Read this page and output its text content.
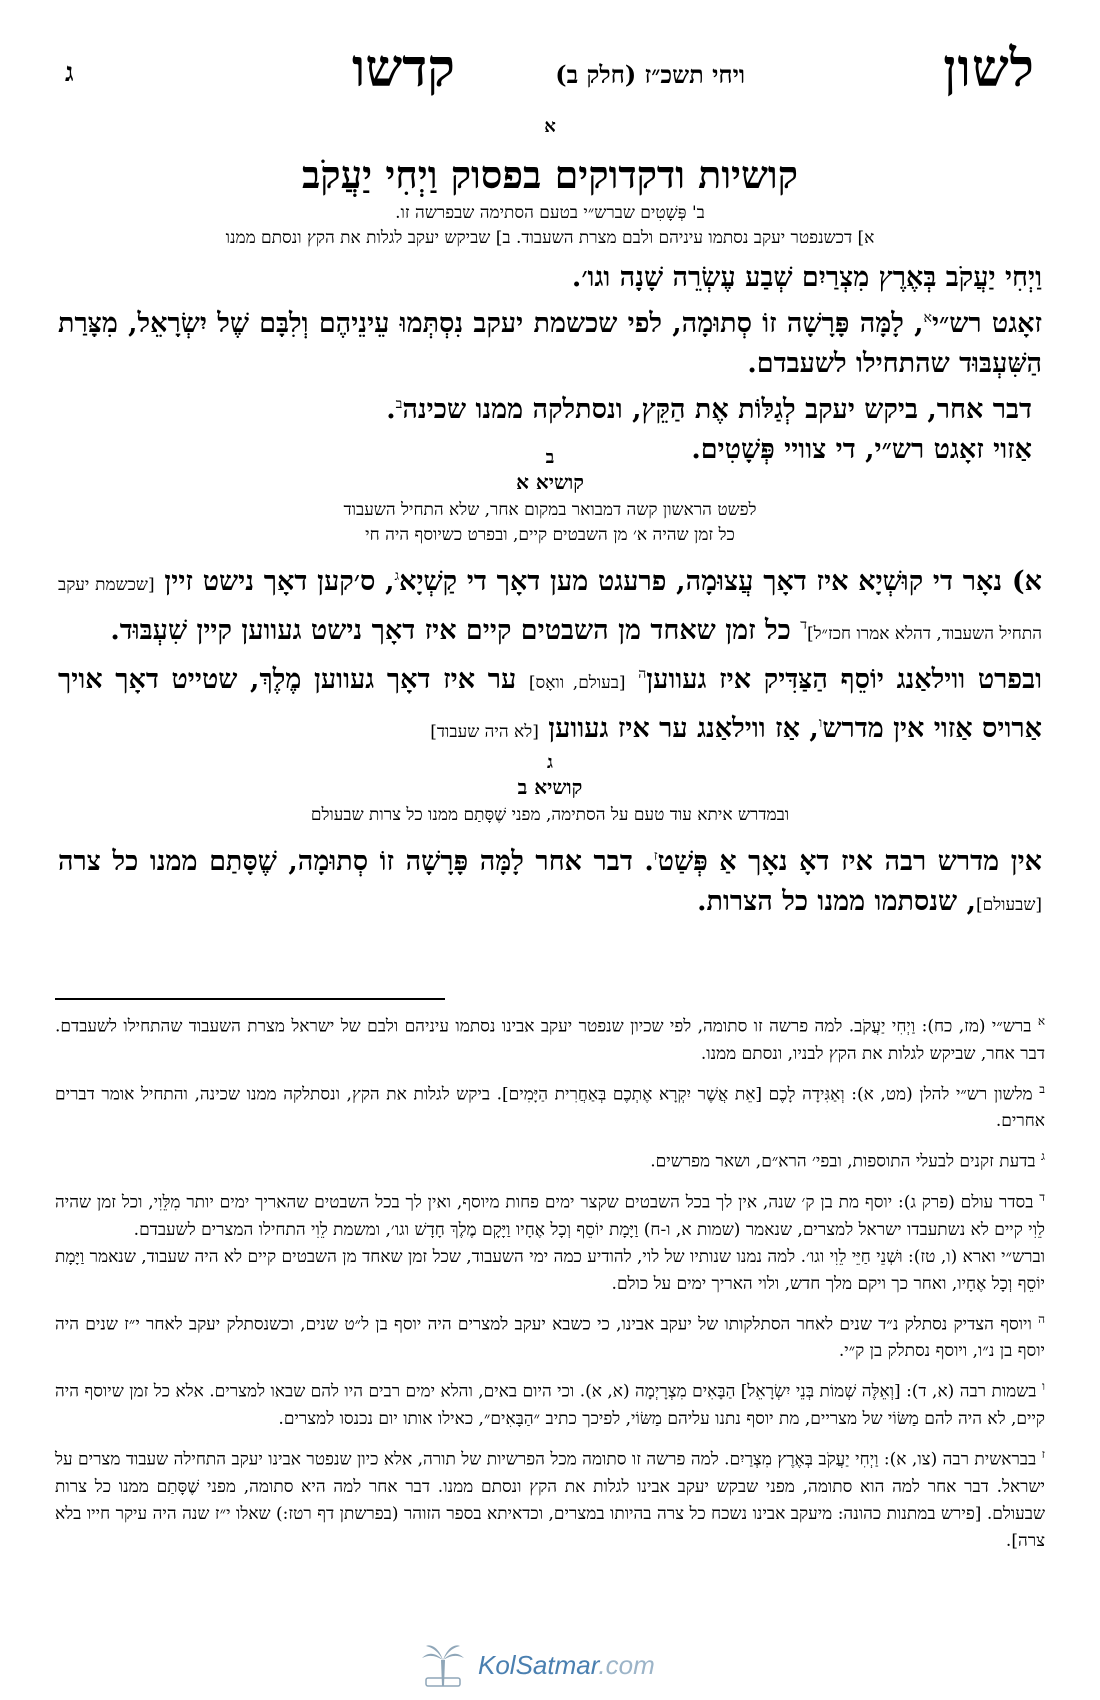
לשון
ויחי תשכ״ז (חלק ב)
קדשו
ג
א
קושיות ודקדוקים בפסוק וַיְחִי יַעֲקֹב
ב' פְּשָׁטִים שברש״י בטעם הסתימה שבפרשה זו.
א] דכשנפטר יעקב נסתמו עיניהם ולבם מצרת השעבוד. ב] שביקש יעקב לגלות את הקץ ונסתם ממנו
וַיְחִי יַעֲקֹב בְּאֶרֶץ מִצְרַיִם שְׁבַע עֶשְׂרֵה שָׁנָה וגו׳.
זאָגט רש״י$^א$, לָמָּה פָּרָשָׁה זוֹ סְתוּמָה, לפי שכשמת יעקב נִסְתְּמוּ עֵינֵיהֶם וְלִבָּם שֶׁל יִשְׂרָאֵל, מִצָּרַת הַשִּׁעְבּוּד שהתחילו לשעבדם.
דבר אחר, ביקש יעקב לְגַלּוֹת אֶת הַקֵּץ, ונסתלקה ממנו שכינה$^ב$.
אַזוי זאָגט רש״י, די צוויי פְּשָׁטִים.
ב
קושיא א
לפשט הראשון קשה דמבואר במקום אחר, שלא התחיל השעבוד
כל זמן שהיה א׳ מן השבטים קיים, ובפרט כשיוסף היה חי
א) נאָר די קוּשְׁיָא איז דאָך עֲצוּמָה, פרעגט מען דאָך די קַשְׁיָא$^ג$, ס׳קען דאָך נישט זיין [שכשמת יעקב התחיל השעבוד, דהלא אמרו חכז״ל]$^ד$ כל זמן שאחד מן השבטים קיים איז דאָך נישט געווען קיין שִׁעְבּוּד.
ובפרט ווילאַנג יוֹסֵף הַצַּדִּיק איז געווען$^ה$ [בעולם, וואָס] ער איז דאָך געווען מֶלֶךְ, שטייט דאָך אויך אַרויס אַזוי אין מדרש$^ו$, אַז ווילאַנג ער איז געווען [לא היה שעבוד]
ג
קושיא ב
ובמדרש איתא עוד טעם על הסתימה, מפני שֶׁסָּתַם ממנו כל צרות שבעולם
אין מדרש רבה איז דאָ נאָך אַ פְּשַׁט$^ז$. דבר אחר לָמָּה פָּרָשָׁה זוֹ סְתוּמָה, שֶׁסָּתַם ממנו כל צרה [שבעולם], שנסתמו ממנו כל הצרות.
$^א$ ברש״י (מז, כח): וַיְחִי יַעֲקֹב. למה פרשה זו סתומה, לפי שכיון שנפטר יעקב אבינו נסתמו עיניהם ולבם של ישראל מצרת השעבוד שהתחילו לשעבדם. דבר אחר, שביקש לגלות את הקץ לבניו, ונסתם ממנו.
$^ב$ מלשון רש״י להלן (מט, א): וְאַגִּידָה לָכֶם [אֵת אֲשֶׁר יִקְרָא אֶתְכֶם בְּאַחֲרִית הַיָּמִים]. ביקש לגלות את הקץ, ונסתלקה ממנו שכינה, והתחיל אומר דברים אחרים.
$^ג$ בדעת זקנים לבעלי התוספות, ובפי׳ הרא״ם, ושאר מפרשים.
$^ד$ בסדר עולם (פרק ג): יוסף מת בן ק׳ שנה, אין לך בכל השבטים שקצר ימים פחות מיוסף, ואין לך בכל השבטים שהאריך ימים יותר מִלֵּוִי, וכל זמן שהיה לֵוִי קיים לא נשתעבדו ישראל למצרים, שנאמר (שמות א, ו-ח) וַיָּמָת יוֹסֵף וְכָל אֶחָיו וַיָּקָם מֶלֶךְ חָדָשׁ וגו׳, ומשמת לֵוִי התחילו המצרים לשעבדם.
וברש״י וארא (ו, טז): וּשְׁנֵי חַיֵּי לֵוִי וגו׳. למה נמנו שנותיו של לוי, להודיע כמה ימי השעבוד, שכל זמן שאחד מן השבטים קיים לא היה שעבוד, שנאמר וַיָּמָת יוֹסֵף וְכָל אֶחָיו, ואחר כך ויקם מלך חדש, ולוי האריך ימים על כולם.
$^ה$ ויוסף הצדיק נסתלק נ״ד שנים לאחר הסתלקותו של יעקב אבינו, כי כשבא יעקב למצרים היה יוסף בן ל״ט שנים, וכשנסתלק יעקב לאחר י״ז שנים היה יוסף בן נ״ו, ויוסף נסתלק בן ק״י.
$^ו$ בשמות רבה (א, ד): [וְאֵלֶּה שְׁמוֹת בְּנֵי יִשְׂרָאֵל] הַבָּאִים מִצְרָיְמָה (א, א). וכי היום באים, והלא ימים רבים היו להם שבאו למצרים. אלא כל זמן שיוסף היה קיים, לא היה להם מַשּׂוֹי של מצריים, מת יוסף נתנו עליהם מַשּׂוֹי, לפיכך כתיב ״הַבָּאִים״, כאילו אותו יום נכנסו למצרים.
$^ז$ בבראשית רבה (צו, א): וַיְחִי יַעֲקֹב בְּאֶרֶץ מִצְרַיִם. למה פרשה זו סתומה מכל הפרשיות של תורה, אלא כיון שנפטר אבינו יעקב התחילה שעבוד מצרים על ישראל. דבר אחר למה הוא סתומה, מפני שבקש יעקב אבינו לגלות את הקץ ונסתם ממנו. דבר אחר למה היא סתומה, מפני שֶׁסָּתַם ממנו כל צרות שבעולם. [פירש במתנות כהונה: מיעקב אבינו נשכח כל צרה בהיותו במצרים, וכדאיתא בספר הזוהר (בפרשתן דף רטז:) שאלו י״ז שנה היה עיקר חייו בלא צרה].
KolSatmar.com
